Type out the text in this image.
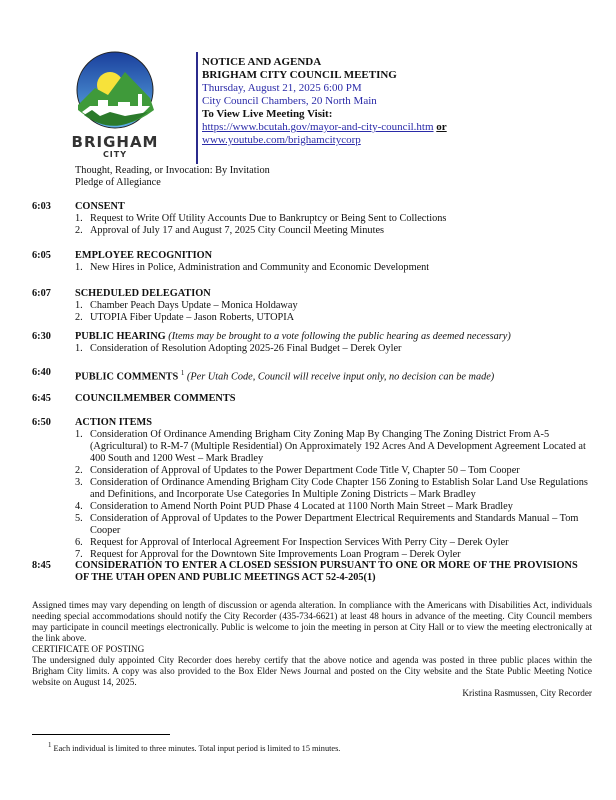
BRIGHAM
CITY
NOTICE AND AGENDA
BRIGHAM CITY COUNCIL MEETING
Thursday, August 21, 2025 6:00 PM
City Council Chambers, 20 North Main
To View Live Meeting Visit:
https://www.bcutah.gov/mayor-and-city-council.htm or
www.youtube.com/brighamcitycorp
Thought, Reading, or Invocation: By Invitation
Pledge of Allegiance
6:03 CONSENT
1. Request to Write Off Utility Accounts Due to Bankruptcy or Being Sent to Collections
2. Approval of July 17 and August 7, 2025 City Council Meeting Minutes
6:05 EMPLOYEE RECOGNITION
1. New Hires in Police, Administration and Community and Economic Development
6:07 SCHEDULED DELEGATION
1. Chamber Peach Days Update – Monica Holdaway
2. UTOPIA Fiber Update – Jason Roberts, UTOPIA
6:30 PUBLIC HEARING (Items may be brought to a vote following the public hearing as deemed necessary)
1. Consideration of Resolution Adopting 2025-26 Final Budget – Derek Oyler
6:40 PUBLIC COMMENTS $^1$ (Per Utah Code, Council will receive input only, no decision can be made)
6:45 COUNCILMEMBER COMMENTS
6:50 ACTION ITEMS
1. Consideration Of Ordinance Amending Brigham City Zoning Map By Changing The Zoning District From A-5 (Agricultural) to R-M-7 (Multiple Residential) On Approximately 192 Acres And A Development Agreement Located at 400 South and 1200 West – Mark Bradley
2. Consideration of Approval of Updates to the Power Department Code Title V, Chapter 50 – Tom Cooper
3. Consideration of Ordinance Amending Brigham City Code Chapter 156 Zoning to Establish Solar Land Use Regulations and Definitions, and Incorporate Use Categories In Multiple Zoning Districts – Mark Bradley
4. Consideration to Amend North Point PUD Phase 4 Located at 1100 North Main Street – Mark Bradley
5. Consideration of Approval of Updates to the Power Department Electrical Requirements and Standards Manual – Tom Cooper
6. Request for Approval of Interlocal Agreement For Inspection Services With Perry City – Derek Oyler
7. Request for Approval for the Downtown Site Improvements Loan Program – Derek Oyler
8:45 CONSIDERATION TO ENTER A CLOSED SESSION PURSUANT TO ONE OR MORE OF THE PROVISIONS OF THE UTAH OPEN AND PUBLIC MEETINGS ACT 52-4-205(1)
Assigned times may vary depending on length of discussion or agenda alteration. In compliance with the Americans with Disabilities Act, individuals needing special accommodations should notify the City Recorder (435-734-6621) at least 48 hours in advance of the meeting. City Council members may participate in council meetings electronically. Public is welcome to join the meeting in person at City Hall or to view the meeting electronically at the link above.
CERTIFICATE OF POSTING
The undersigned duly appointed City Recorder does hereby certify that the above notice and agenda was posted in three public places within the Brigham City limits. A copy was also provided to the Box Elder News Journal and posted on the City website and the State Public Meeting Notice website on August 14, 2025.
Kristina Rasmussen, City Recorder
$^1$ Each individual is limited to three minutes. Total input period is limited to 15 minutes.
